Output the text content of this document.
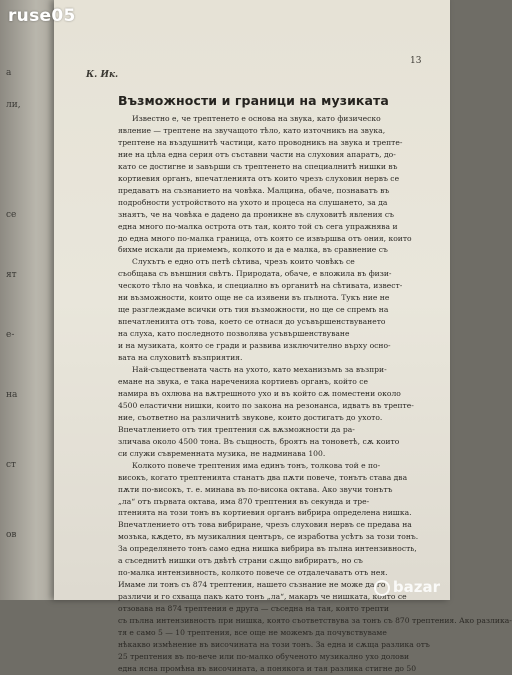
а
ли,
се
ят
е-
на
ст
ов
К. Ик.
13
Възможности и граници на музиката
Известно е, че трептенето е основа на звука, като физическо
явление — трептене на звучащото тѣло, като източникъ на звука,
трептене на въздушнитѣ частици, като проводникъ на звука и трепте-
ние на цѣла една серия отъ съставни части на слуховия апаратъ, до-
като се достигне и завърши съ трептенето на специалнитѣ нишки въ
кортиевия органъ, впечатленията отъ които чрезъ слуховия нервъ се
предаватъ на съзнанието на човѣка. Малцина, обаче, познаватъ въ
подробности устройството на ухото и процеса на слушането, за да
знаятъ, че на човѣка е дадено да проникне въ слуховитѣ явления съ
една много по-малка острота отъ тая, която той съ сега упражнява и
до една много по-малка граница, отъ която се извършва отъ ония, които
бихме искали да приемемъ, колкото и да е малка, въ сравнение съ
Слухътъ е едно отъ петѣ сѣтива, чрезъ които човѣкъ се
съобщава съ външния свѣтъ. Природата, обаче, е вложила въ физи-
ческото тѣло на човѣка, и специално въ органитѣ на сѣтивата, извест-
ни възможности, които още не са изявени въ пълнота. Тукъ ние не
ще разглеждаме всички отъ тия възможности, но ще се спремъ на
впечатленията отъ това, което се отнася до усъвършенствуването
на слуха, като последното позволява усъвършенствуване
и на музиката, която се гради и развива изключително върху осно-
вата на слуховитѣ възприятия.
Най-съществената часть на ухото, като механизъмъ за възпри-
емане на звука, е така нареченияa кортиевъ органъ, който се
намира въ охлюва на вѫтрешното ухо и въ който сѫ поместени около
4500 еластични нишки, които по закона на резонанса, идватъ въ трепте-
ние, съответно на различнитѣ звукове, които достигатъ до ухото.
Впечатлението отъ тия трептения сѫ вѫзможности да ра-
зличава около 4500 тона. Въ същность, броятъ на тоноветѣ, сѫ които
си служи съвременната музика, не надминава 100.
Колкото повече трептения има единъ тонъ, толкова той е по-
високъ, когато трептенията станатъ два пѫти повече, тонътъ става два
пѫти по-високъ, т. е. минава въ по-висока октава. Ако звучи тонътъ
„ла“ отъ първата октава, има 870 трептения въ секунда и тре-
птенията на този тонъ въ кортиевия органъ вибрира определена нишка.
Впечатлението отъ това вибриране, чрезъ слуховия нервъ се предава на
мозъка, кѫдето, въ музикалния центъръ, се изработва усѣтъ за този тонъ.
За определянето тонъ само една нишка вибрира въ пълна интензивность,
а съседнитѣ нишки отъ двѣтѣ страни сѫщо вибриратъ, но съ
по-малка интензивность, колкото повече се отдалечаватъ отъ нея.
Имаме ли тонъ съ 874 трептения, нашето съзнание не може да го
различи и го схваща пакъ като тонъ „ла“, макаръ че нишката, която се
отзовава на 874 трептения е друга — съседна на тая, която трепти
съ пълна интензивность при нишка, която съответствува за тонъ съ 870 трептения. Ако разлика-
тя е само 5 — 10 трептения, все още не можемъ да почувствуваме
нѣкакво измѣнение въ височината на този тонъ. За една и сѫща разлика отъ
25 трептения въ по-вече или по-малко обученото музикално ухо долови
една ясна промѣна въ височината, а понякога и тая разлика стигне до 50
bazar
ruse05
